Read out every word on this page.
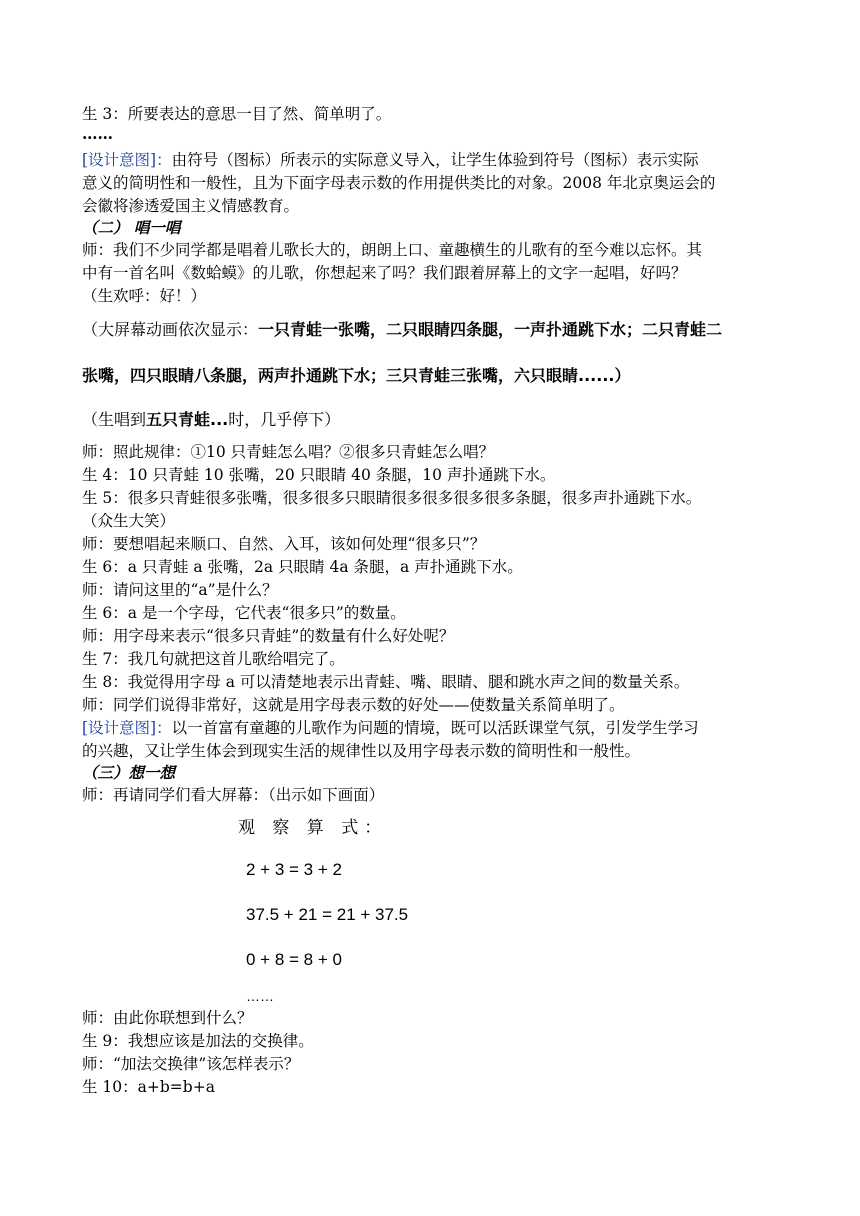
生 3：所要表达的意思一目了然、简单明了。
……
[设计意图]：由符号（图标）所表示的实际意义导入，让学生体验到符号（图标）表示实际
意义的简明性和一般性，且为下面字母表示数的作用提供类比的对象。2008 年北京奥运会的
会徽将渗透爱国主义情感教育。
（二） 唱一唱
师：我们不少同学都是唱着儿歌长大的，朗朗上口、童趣横生的儿歌有的至今难以忘怀。其
中有一首名叫《数蛤蟆》的儿歌，你想起来了吗？我们跟着屏幕上的文字一起唱，好吗？
（生欢呼：好！）
（大屏幕动画依次显示：一只青蛙一张嘴，二只眼睛四条腿，一声扑通跳下水；二只青蛙二
张嘴，四只眼睛八条腿，两声扑通跳下水；三只青蛙三张嘴，六只眼睛......）
（生唱到五只青蛙...时，几乎停下）
师：照此规律：①10 只青蛙怎么唱？②很多只青蛙怎么唱？
生 4：10 只青蛙 10 张嘴，20 只眼睛 40 条腿，10 声扑通跳下水。
生 5：很多只青蛙很多张嘴，很多很多只眼睛很多很多很多很多条腿，很多声扑通跳下水。
（众生大笑）
师：要想唱起来顺口、自然、入耳，该如何处理“很多只”？
生 6：a 只青蛙 a 张嘴，2a 只眼睛 4a 条腿，a 声扑通跳下水。
师：请问这里的“a”是什么？
生 6：a 是一个字母，它代表“很多只”的数量。
师：用字母来表示“很多只青蛙”的数量有什么好处呢？
生 7：我几句就把这首儿歌给唱完了。
生 8：我觉得用字母 a 可以清楚地表示出青蛙、嘴、眼睛、腿和跳水声之间的数量关系。
师：同学们说得非常好，这就是用字母表示数的好处——使数量关系简单明了。
[设计意图]：以一首富有童趣的儿歌作为问题的情境，既可以活跃课堂气氛，引发学生学习
的兴趣，又让学生体会到现实生活的规律性以及用字母表示数的简明性和一般性。
（三）想一想
师：再请同学们看大屏幕：（出示如下画面）
观 察 算 式：
2 + 3 = 3 + 2
37.5 + 21 = 21 + 37.5
0 + 8 = 8 + 0
……
师：由此你联想到什么？
生 9：我想应该是加法的交换律。
师：“加法交换律”该怎样表示？
生 10：a+b=b+a
